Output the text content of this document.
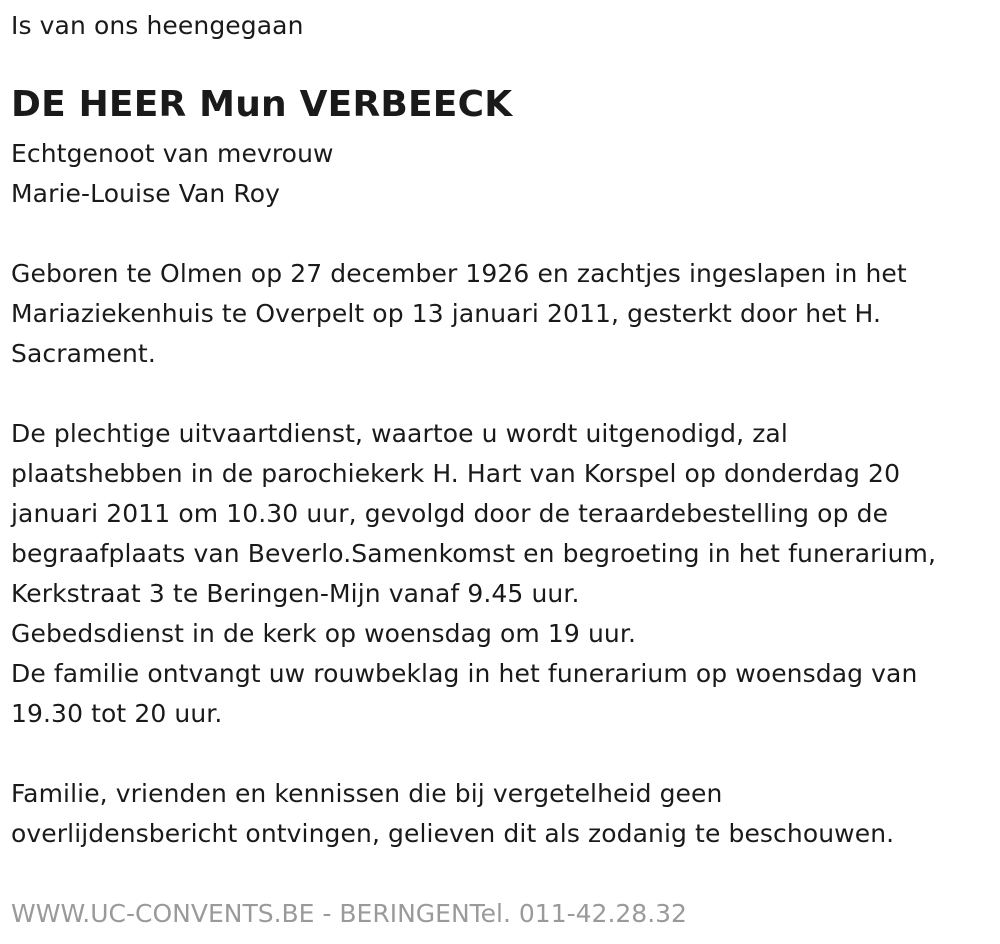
Is van ons heengegaan
DE HEER Mun VERBEECK
Echtgenoot van mevrouw
Marie-Louise Van Roy
Geboren te Olmen op 27 december 1926 en zachtjes ingeslapen in het
Mariaziekenhuis te Overpelt op 13 januari 2011, gesterkt door het H.
Sacrament.
De plechtige uitvaartdienst, waartoe u wordt uitgenodigd, zal
plaatshebben in de parochiekerk H. Hart van Korspel op donderdag 20
januari 2011 om 10.30 uur, gevolgd door de teraardebestelling op de
begraafplaats van Beverlo.Samenkomst en begroeting in het funerarium,
Kerkstraat 3 te Beringen-Mijn vanaf 9.45 uur.
Gebedsdienst in de kerk op woensdag om 19 uur.
De familie ontvangt uw rouwbeklag in het funerarium op woensdag van
19.30 tot 20 uur.
Familie, vrienden en kennissen die bij vergetelheid geen
overlijdensbericht ontvingen, gelieven dit als zodanig te beschouwen.
WWW.UC-CONVENTS.BE - BERINGENTel. 011-42.28.32
